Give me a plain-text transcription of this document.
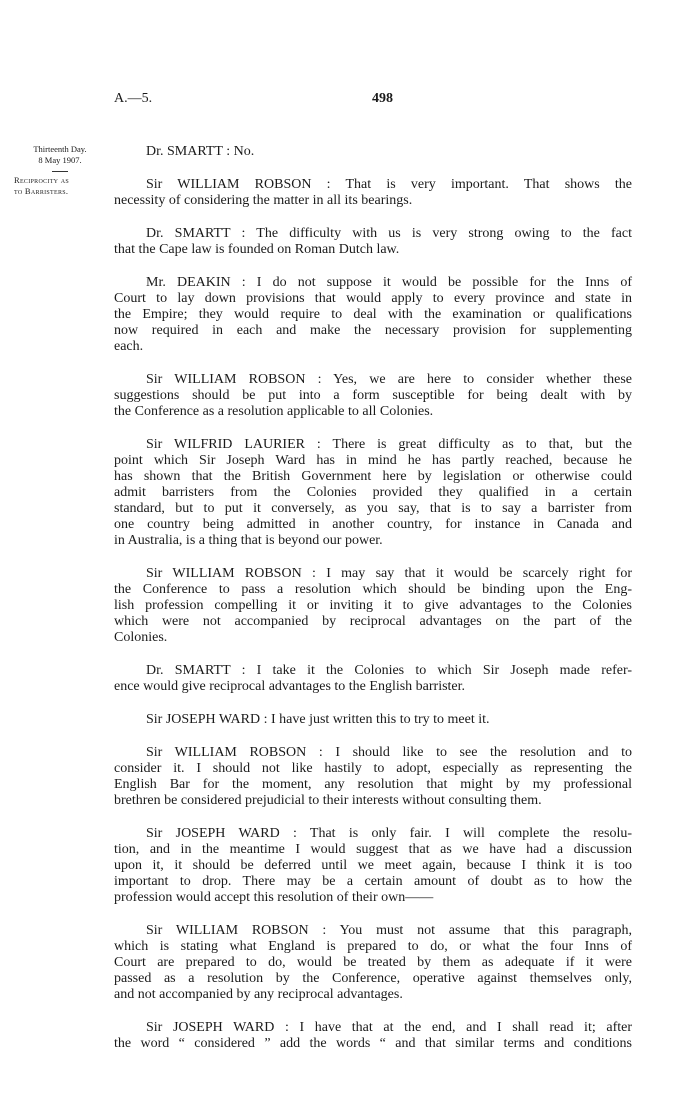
A.—5.	498
Thirteenth Day.
8 May 1907.
Reciprocity as
to Barristers.
Dr. SMARTT : No.
Sir WILLIAM ROBSON : That is very important. That shows the
necessity of considering the matter in all its bearings.
Dr. SMARTT : The difficulty with us is very strong owing to the fact
that the Cape law is founded on Roman Dutch law.
Mr. DEAKIN : I do not suppose it would be possible for the Inns of
Court to lay down provisions that would apply to every province and state in
the Empire; they would require to deal with the examination or qualifications
now required in each and make the necessary provision for supplementing
each.
Sir WILLIAM ROBSON : Yes, we are here to consider whether these
suggestions should be put into a form susceptible for being dealt with by
the Conference as a resolution applicable to all Colonies.
Sir WILFRID LAURIER : There is great difficulty as to that, but the
point which Sir Joseph Ward has in mind he has partly reached, because he
has shown that the British Government here by legislation or otherwise could
admit barristers from the Colonies provided they qualified in a certain
standard, but to put it conversely, as you say, that is to say a barrister from
one country being admitted in another country, for instance in Canada and
in Australia, is a thing that is beyond our power.
Sir WILLIAM ROBSON : I may say that it would be scarcely right for
the Conference to pass a resolution which should be binding upon the Eng-
lish profession compelling it or inviting it to give advantages to the Colonies
which were not accompanied by reciprocal advantages on the part of the
Colonies.
Dr. SMARTT : I take it the Colonies to which Sir Joseph made refer-
ence would give reciprocal advantages to the English barrister.
Sir JOSEPH WARD : I have just written this to try to meet it.
Sir WILLIAM ROBSON : I should like to see the resolution and to
consider it. I should not like hastily to adopt, especially as representing the
English Bar for the moment, any resolution that might by my professional
brethren be considered prejudicial to their interests without consulting them.
Sir JOSEPH WARD : That is only fair. I will complete the resolu-
tion, and in the meantime I would suggest that as we have had a discussion
upon it, it should be deferred until we meet again, because I think it is too
important to drop. There may be a certain amount of doubt as to how the
profession would accept this resolution of their own——
Sir WILLIAM ROBSON : You must not assume that this paragraph,
which is stating what England is prepared to do, or what the four Inns of
Court are prepared to do, would be treated by them as adequate if it were
passed as a resolution by the Conference, operative against themselves only,
and not accompanied by any reciprocal advantages.
Sir JOSEPH WARD : I have that at the end, and I shall read it; after
the word “ considered ” add the words “ and that similar terms and conditions
